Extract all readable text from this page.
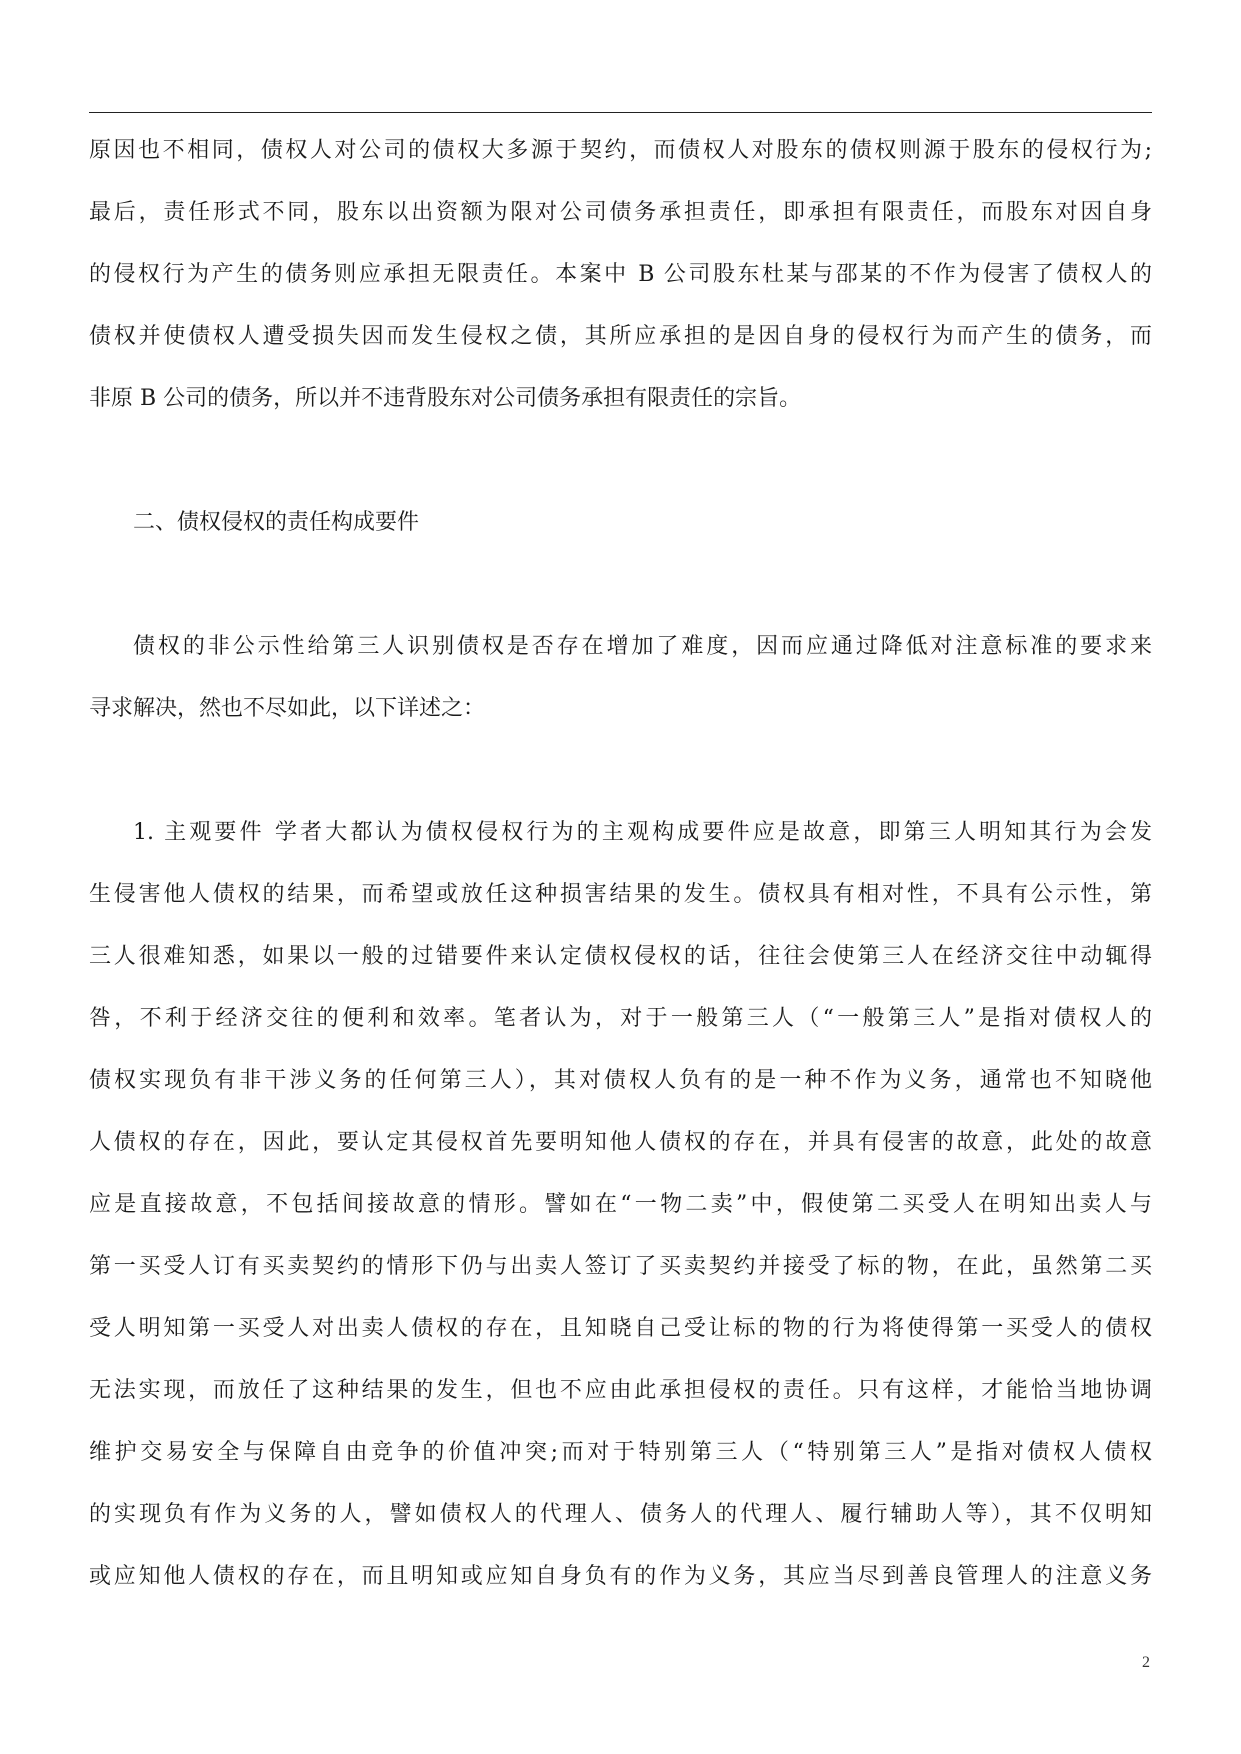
原因也不相同，债权人对公司的债权大多源于契约，而债权人对股东的债权则源于股东的侵权行为;
最后，责任形式不同，股东以出资额为限对公司债务承担责任，即承担有限责任，而股东对因自身
的侵权行为产生的债务则应承担无限责任。本案中 B 公司股东杜某与邵某的不作为侵害了债权人的
债权并使债权人遭受损失因而发生侵权之债，其所应承担的是因自身的侵权行为而产生的债务，而
非原 B 公司的债务，所以并不违背股东对公司债务承担有限责任的宗旨。
二、债权侵权的责任构成要件
债权的非公示性给第三人识别债权是否存在增加了难度，因而应通过降低对注意标准的要求来
寻求解决，然也不尽如此，以下详述之：
1. 主观要件 学者大都认为债权侵权行为的主观构成要件应是故意，即第三人明知其行为会发
生侵害他人债权的结果，而希望或放任这种损害结果的发生。债权具有相对性，不具有公示性，第
三人很难知悉，如果以一般的过错要件来认定债权侵权的话，往往会使第三人在经济交往中动辄得
咎，不利于经济交往的便利和效率。笔者认为，对于一般第三人（“一般第三人”是指对债权人的
债权实现负有非干涉义务的任何第三人），其对债权人负有的是一种不作为义务，通常也不知晓他
人债权的存在，因此，要认定其侵权首先要明知他人债权的存在，并具有侵害的故意，此处的故意
应是直接故意，不包括间接故意的情形。譬如在“一物二卖”中，假使第二买受人在明知出卖人与
第一买受人订有买卖契约的情形下仍与出卖人签订了买卖契约并接受了标的物，在此，虽然第二买
受人明知第一买受人对出卖人债权的存在，且知晓自己受让标的物的行为将使得第一买受人的债权
无法实现，而放任了这种结果的发生，但也不应由此承担侵权的责任。只有这样，才能恰当地协调
维护交易安全与保障自由竞争的价值冲突;而对于特别第三人（“特别第三人”是指对债权人债权
的实现负有作为义务的人，譬如债权人的代理人、债务人的代理人、履行辅助人等），其不仅明知
或应知他人债权的存在，而且明知或应知自身负有的作为义务，其应当尽到善良管理人的注意义务
2
